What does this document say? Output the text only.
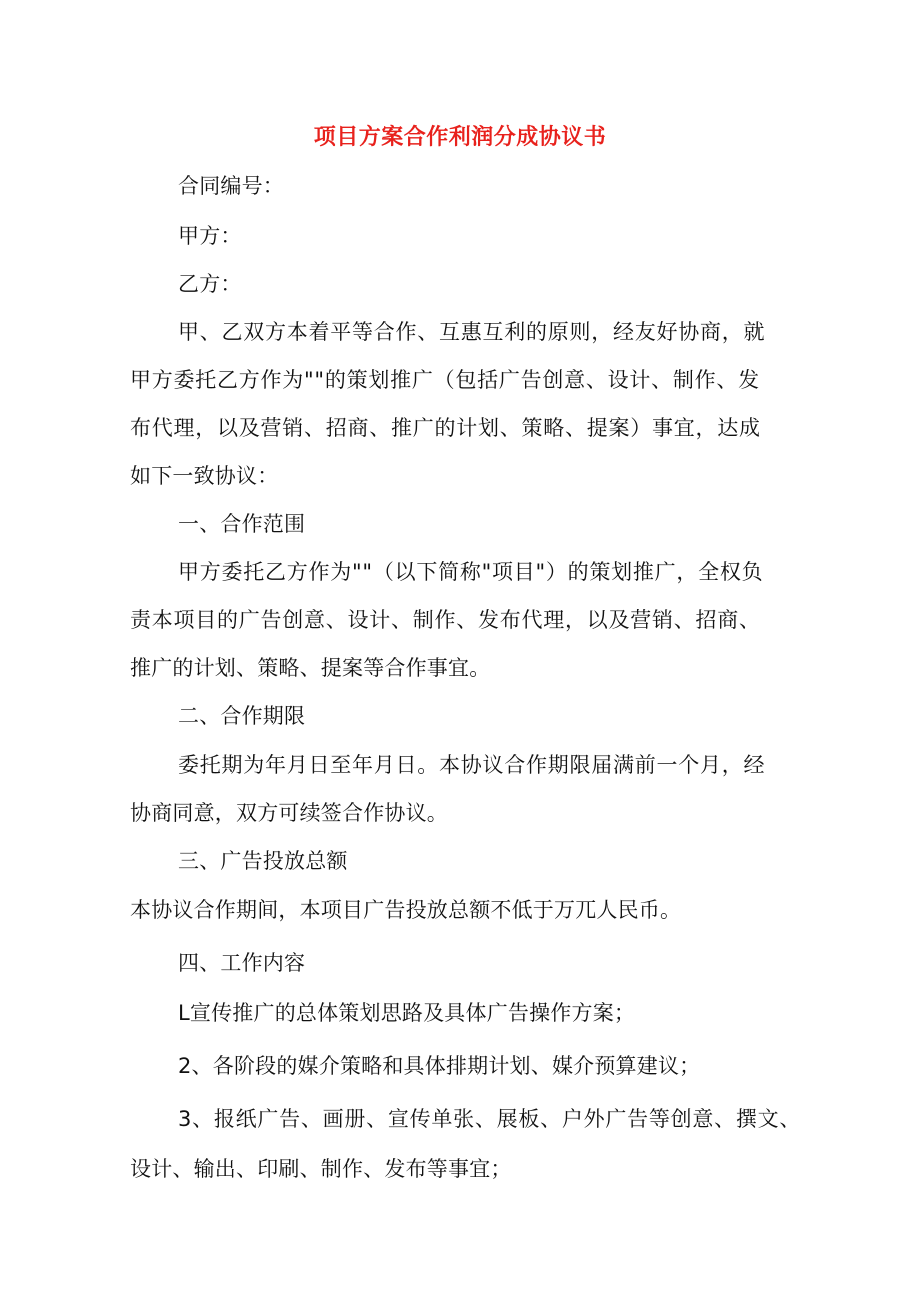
项目方案合作利润分成协议书
合同编号：
甲方：
乙方：
甲、乙双方本着平等合作、互惠互利的原则，经友好协商，就
甲方委托乙方作为""的策划推广（包括广告创意、设计、制作、发
布代理，以及营销、招商、推广的计划、策略、提案）事宜，达成
如下一致协议：
一、合作范围
甲方委托乙方作为""（以下简称"项目"）的策划推广，全权负
责本项目的广告创意、设计、制作、发布代理，以及营销、招商、
推广的计划、策略、提案等合作事宜。
二、合作期限
委托期为年月日至年月日。本协议合作期限届满前一个月，经
协商同意，双方可续签合作协议。
三、广告投放总额
本协议合作期间，本项目广告投放总额不低于万兀人民币。
四、工作内容
L宣传推广的总体策划思路及具体广告操作方案；
2、各阶段的媒介策略和具体排期计划、媒介预算建议；
3、报纸广告、画册、宣传单张、展板、户外广告等创意、撰文、
设计、输出、印刷、制作、发布等事宜；
